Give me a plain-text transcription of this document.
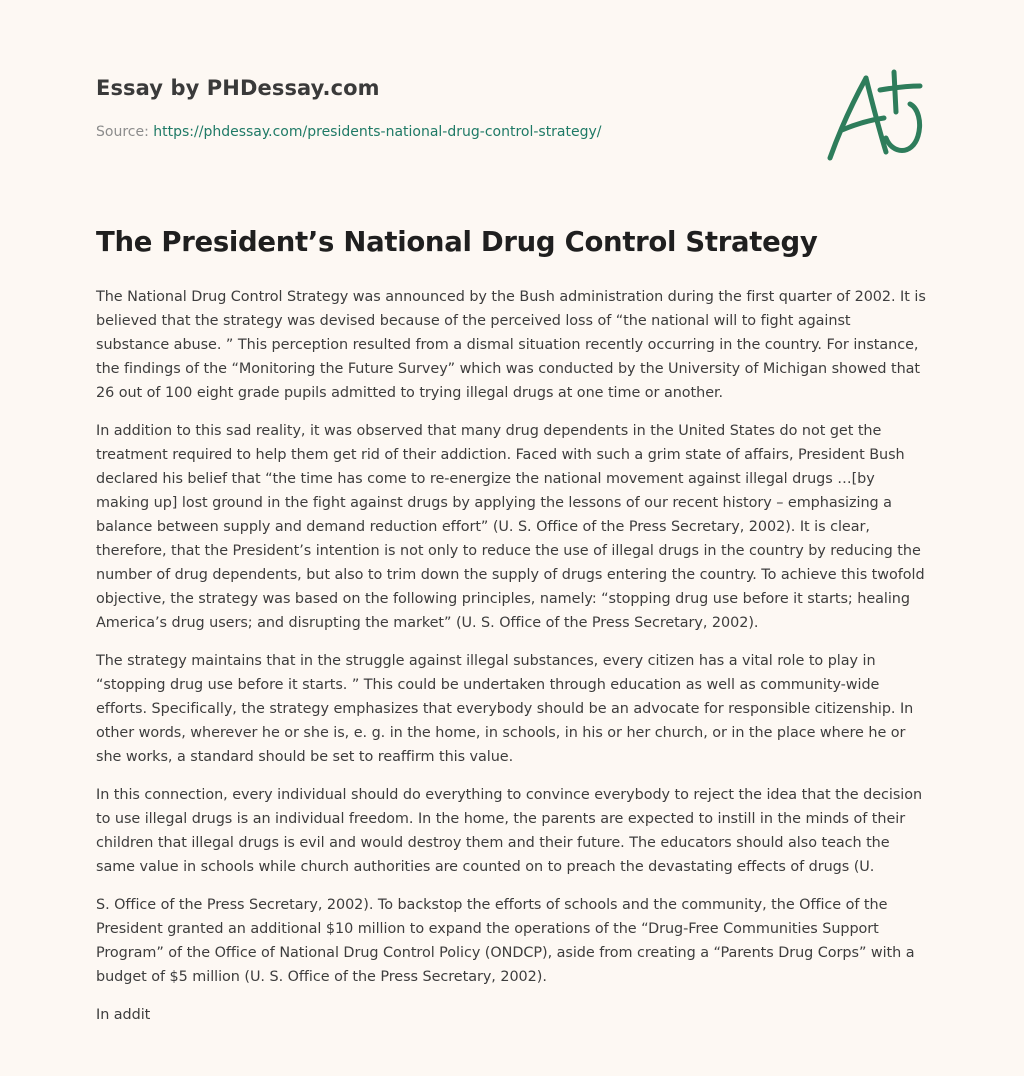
Essay by PHDessay.com
Source: https://phdessay.com/presidents-national-drug-control-strategy/
The President’s National Drug Control Strategy

The National Drug Control Strategy was announced by the Bush administration during the first quarter of 2002. It is believed that the strategy was devised because of the perceived loss of “the national will to fight against substance abuse. ” This perception resulted from a dismal situation recently occurring in the country. For instance, the findings of the “Monitoring the Future Survey” which was conducted by the University of Michigan showed that 26 out of 100 eight grade pupils admitted to trying illegal drugs at one time or another.

In addition to this sad reality, it was observed that many drug dependents in the United States do not get the treatment required to help them get rid of their addiction. Faced with such a grim state of affairs, President Bush declared his belief that “the time has come to re-energize the national movement against illegal drugs …[by making up] lost ground in the fight against drugs by applying the lessons of our recent history – emphasizing a balance between supply and demand reduction effort” (U. S. Office of the Press Secretary, 2002). It is clear, therefore, that the President’s intention is not only to reduce the use of illegal drugs in the country by reducing the number of drug dependents, but also to trim down the supply of drugs entering the country. To achieve this twofold objective, the strategy was based on the following principles, namely: “stopping drug use before it starts; healing America’s drug users; and disrupting the market” (U. S. Office of the Press Secretary, 2002).

The strategy maintains that in the struggle against illegal substances, every citizen has a vital role to play in “stopping drug use before it starts. ” This could be undertaken through education as well as community-wide efforts. Specifically, the strategy emphasizes that everybody should be an advocate for responsible citizenship. In other words, wherever he or she is, e. g. in the home, in schools, in his or her church, or in the place where he or she works, a standard should be set to reaffirm this value.

In this connection, every individual should do everything to convince everybody to reject the idea that the decision to use illegal drugs is an individual freedom. In the home, the parents are expected to instill in the minds of their children that illegal drugs is evil and would destroy them and their future. The educators should also teach the same value in schools while church authorities are counted on to preach the devastating effects of drugs (U.

S. Office of the Press Secretary, 2002). To backstop the efforts of schools and the community, the Office of the President granted an additional $10 million to expand the operations of the “Drug-Free Communities Support Program” of the Office of National Drug Control Policy (ONDCP), aside from creating a “Parents Drug Corps” with a budget of $5 million (U. S. Office of the Press Secretary, 2002).

In addit
